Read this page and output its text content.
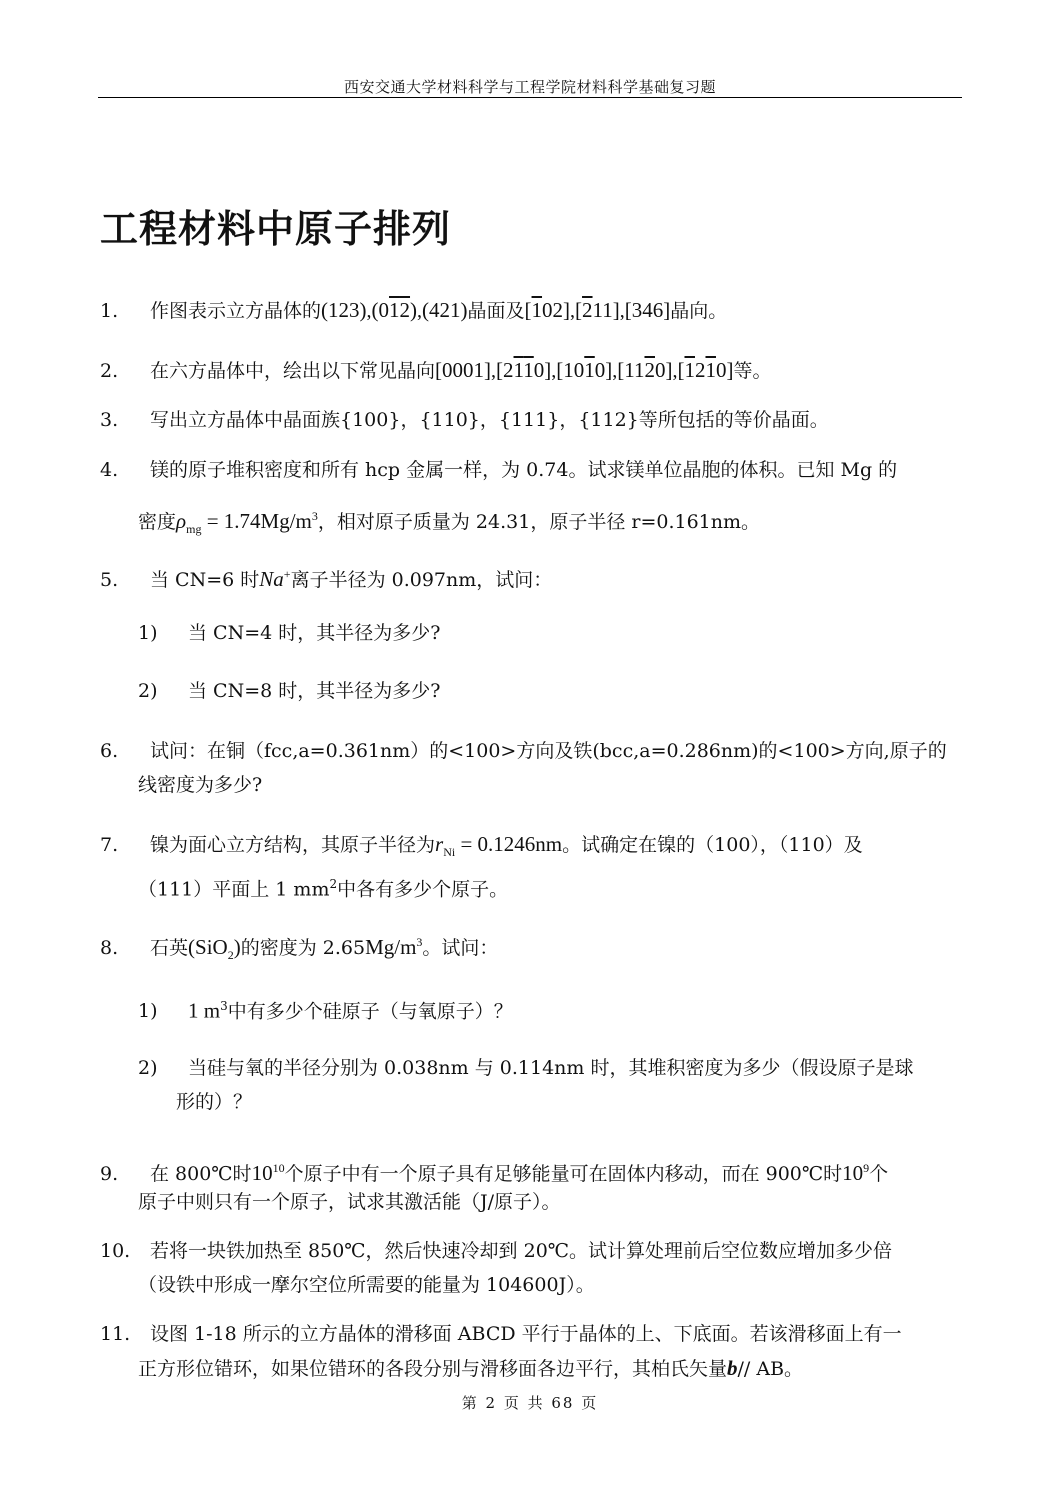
西安交通大学材料科学与工程学院材料科学基础复习题
工程材料中原子排列
1. 作图表示立方晶体的(123),(012),(421)晶面及[102],[211],[346]晶向。
2. 在六方晶体中，绘出以下常见晶向[0001],[2110],[1010],[1120],[1210]等。
3. 写出立方晶体中晶面族{100}，{110}，{111}，{112}等所包括的等价晶面。
4. 镁的原子堆积密度和所有 hcp 金属一样，为 0.74。试求镁单位晶胞的体积。已知 Mg 的
密度$\rho_{mg} = 1.74Mg/m^3$，相对原子质量为 24.31，原子半径 r=0.161nm。
5. 当 CN=6 时Na+离子半径为 0.097nm，试问：
1) 当 CN=4 时，其半径为多少?
2) 当 CN=8 时，其半径为多少?
6. 试问：在铜（fcc,a=0.361nm）的<100>方向及铁(bcc,a=0.286nm)的<100>方向,原子的
线密度为多少?
7. 镍为面心立方结构，其原子半径为$r_{Ni} = 0.1246nm$。试确定在镍的（100），（110）及
（111）平面上 1 $mm^2$中各有多少个原子。
8. 石英(SiO$_2$)的密度为 $2.65Mg/m^3$。试问：
1) 1 $m^3$中有多少个硅原子（与氧原子）？
2) 当硅与氧的半径分别为 0.038nm 与 0.114nm 时，其堆积密度为多少（假设原子是球
形的）？
9. 在 800℃时$10^{10}$个原子中有一个原子具有足够能量可在固体内移动，而在 900℃时$10^9$个
原子中则只有一个原子，试求其激活能（J/原子）。
10. 若将一块铁加热至 850℃，然后快速冷却到 20℃。试计算处理前后空位数应增加多少倍
（设铁中形成一摩尔空位所需要的能量为 104600J）。
11. 设图 1-18 所示的立方晶体的滑移面 ABCD 平行于晶体的上、下底面。若该滑移面上有一
正方形位错环，如果位错环的各段分别与滑移面各边平行，其柏氏矢量b// AB。
第 2 页 共 68 页
